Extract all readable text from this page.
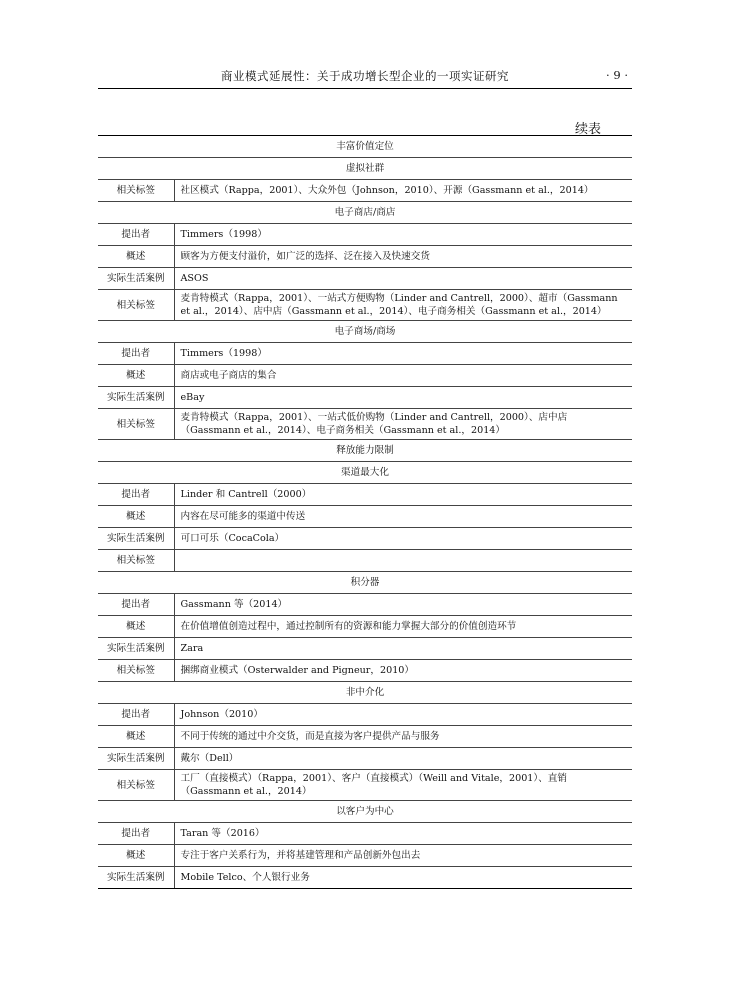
商业模式延展性：关于成功增长型企业的一项实证研究	· 9 ·
续表
丰富价值定位	
虚拟社群	
相关标签	社区模式（Rappa，2001）、大众外包（Johnson，2010）、开源（Gassmann et al.，2014）
电子商店/商店	
提出者	Timmers（1998）
概述	顾客为方便支付溢价，如广泛的选择、泛在接入及快速交货
实际生活案例	ASOS
相关标签	麦肯特模式（Rappa，2001）、一站式方便购物（Linder and Cantrell，2000）、超市（Gassmann et al.，2014）、店中店（Gassmann et al.，2014）、电子商务相关（Gassmann et al.，2014）
电子商场/商场	
提出者	Timmers（1998）
概述	商店或电子商店的集合
实际生活案例	eBay
相关标签	麦肯特模式（Rappa，2001）、一站式低价购物（Linder and Cantrell，2000）、店中店（Gassmann et al.，2014）、电子商务相关（Gassmann et al.，2014）
释放能力限制	
渠道最大化	
提出者	Linder 和 Cantrell（2000）
概述	内容在尽可能多的渠道中传送
实际生活案例	可口可乐（CocaCola）
相关标签	
积分器	
提出者	Gassmann 等（2014）
概述	在价值增值创造过程中，通过控制所有的资源和能力掌握大部分的价值创造环节
实际生活案例	Zara
相关标签	捆绑商业模式（Osterwalder and Pigneur，2010）
非中介化	
提出者	Johnson（2010）
概述	不同于传统的通过中介交货，而是直接为客户提供产品与服务
实际生活案例	戴尔（Dell）
相关标签	工厂（直接模式）（Rappa，2001）、客户（直接模式）（Weill and Vitale，2001）、直销（Gassmann et al.，2014）
以客户为中心	
提出者	Taran 等（2016）
概述	专注于客户关系行为，并将基建管理和产品创新外包出去
实际生活案例	Mobile Telco、个人银行业务
